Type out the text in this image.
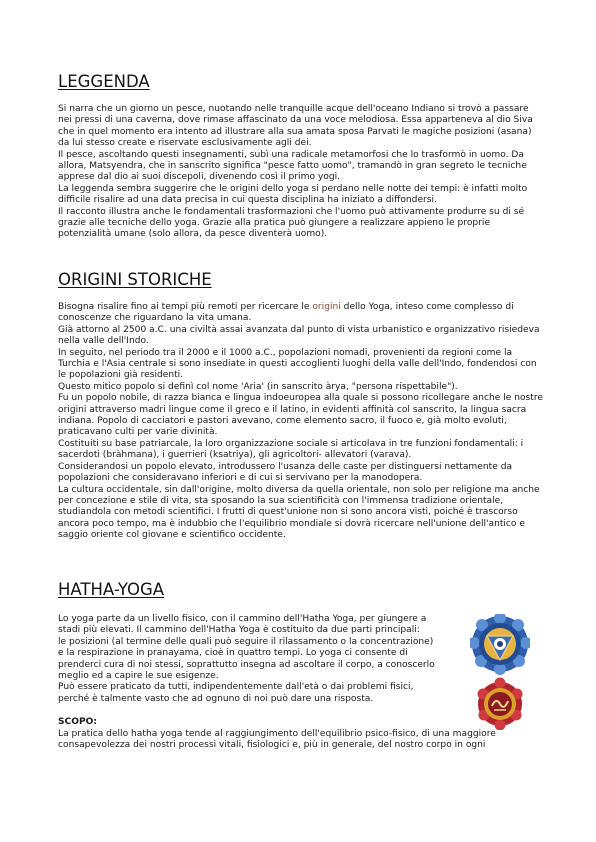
LEGGENDA

Si narra che un giorno un pesce, nuotando nelle tranquille acque dell'oceano Indiano si trovò a passare nei pressi di una caverna, dove rimase affascinato da una voce melodiosa. Essa apparteneva al dio Siva che in quel momento era intento ad illustrare alla sua amata sposa Parvati le magiche posizioni (asana) da lui stesso create e riservate esclusivamente agli dei.

Il pesce, ascoltando questi insegnamenti, subì una radicale metamorfosi che lo trasformò in uomo. Da allora, Matsyendra, che in sanscrito significa "pesce fatto uomo", tramandò in gran segreto le tecniche apprese dal dio ai suoi discepoli, divenendo così il primo yogi.

La leggenda sembra suggerire che le origini dello yoga si perdano nelle notte dei tempi: è infatti molto difficile risalire ad una data precisa in cui questa disciplina ha iniziato a diffondersi.

Il racconto illustra anche le fondamentali trasformazioni che l'uomo può attivamente produrre su di sé grazie alle tecniche dello yoga. Grazie alla pratica può giungere a realizzare appieno le proprie potenzialità umane (solo allora, da pesce diventerà uomo).

ORIGINI STORICHE

Bisogna risalire fino ai tempi più remoti per ricercare le origini dello Yoga, inteso come complesso di conoscenze che riguardano la vita umana.

Già attorno al 2500 a.C. una civiltà assai avanzata dal punto di vista urbanistico e organizzativo risiedeva nella valle dell'Indo.

In seguito, nel periodo tra il 2000 e il 1000 a.C., popolazioni nomadi, provenienti da regioni come la Turchia e l'Asia centrale si sono insediate in questi accoglienti luoghi della valle dell'Indo, fondendosi con le popolazioni già residenti.

Questo mitico popolo si definì col nome 'Aria' (in sanscrito àrya, "persona rispettabile").

Fu un popolo nobile, di razza bianca e lingua indoeuropea alla quale si possono ricollegare anche le nostre origini attraverso madri lingue come il greco e il latino, in evidenti affinità col sanscrito, la lingua sacra indiana. Popolo di cacciatori e pastori avevano, come elemento sacro, il fuoco e, già molto evoluti, praticavano culti per varie divinità.

Costituiti su base patriarcale, la loro organizzazione sociale si articolava in tre funzioni fondamentali: i sacerdoti (bràhmana), i guerrieri (ksatriya), gli agricoltori- allevatori (varava).

Considerandosi un popolo elevato, introdussero l'usanza delle caste per distinguersi nettamente da popolazioni che consideravano inferiori e di cui si servivano per la manodopera.

La cultura occidentale, sin dall'origine, molto diversa da quella orientale, non solo per religione ma anche per concezione e stile di vita, sta sposando la sua scientificità con l'immensa tradizione orientale, studiandola con metodi scientifici. I frutti di quest'unione non si sono ancora visti, poiché è trascorso ancora poco tempo, ma è indubbio che l'equilibrio mondiale si dovrà ricercare nell'unione dell'antico e saggio oriente col giovane e scientifico occidente.

HATHA-YOGA

Lo yoga parte da un livello fisico, con il cammino dell'Hatha Yoga, per giungere a

stadi più elevati. Il cammino dell'Hatha Yoga è costituito da due parti principali:

le posizioni (al termine delle quali può seguire il rilassamento o la concentrazione)

e la respirazione in pranayama, cioè in quattro tempi. Lo yoga ci consente di

prenderci cura di noi stessi, soprattutto insegna ad ascoltare il corpo, a conoscerlo

meglio ed a capire le sue esigenze.

Può essere praticato da tutti, indipendentemente dall'età o dai problemi fisici,

perché è talmente vasto che ad ognuno di noi può dare una risposta.

SCOPO:

La pratica dello hatha yoga tende al raggiungimento dell'equilibrio psico-fisico, di una maggiore consapevolezza dei nostri processi vitali, fisiologici e, più in generale, del nostro corpo in ogni
